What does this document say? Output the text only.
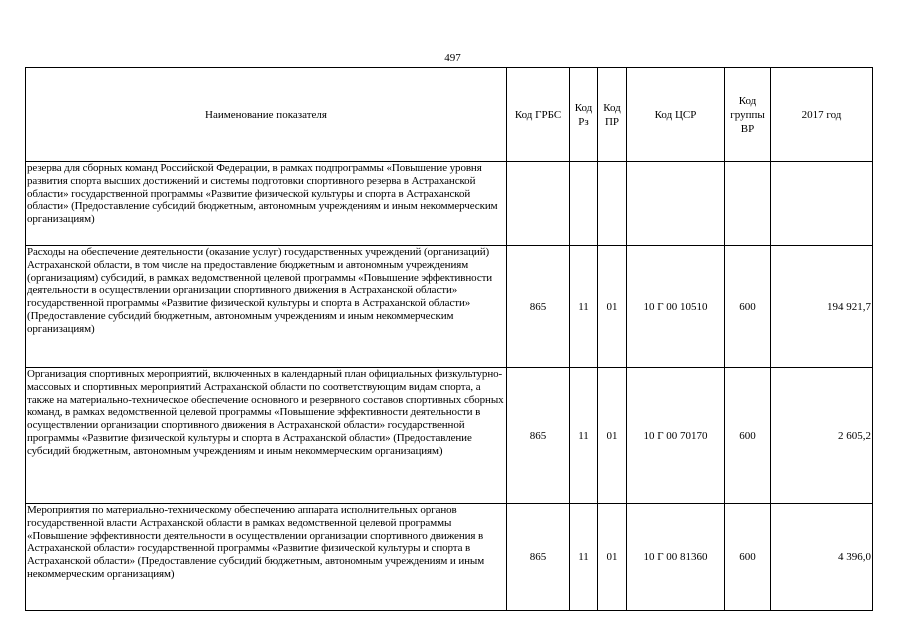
497
Наименование показателя	Код ГРБС	Код Рз	Код ПР	Код ЦСР	Код группы ВР	2017 год
резерва для сборных команд Российской Федерации, в рамках подпрограммы «Повышение уровня развития спорта высших достижений и системы подготовки спортивного резерва в Астраханской области» государственной программы «Развитие физической культуры и спорта в Астраханской области» (Предоставление субсидий бюджетным, автономным учреждениям и иным некоммерческим организациям)						
Расходы на обеспечение деятельности (оказание услуг) государственных учреждений (организаций) Астраханской области, в том числе на предоставление бюджетным и автономным учреждениям (организациям) субсидий, в рамках ведомственной целевой программы «Повышение эффективности деятельности в осуществлении организации спортивного движения в Астраханской области» государственной программы «Развитие физической культуры и спорта в Астраханской области» (Предоставление субсидий бюджетным, автономным учреждениям и иным некоммерческим организациям)	865	11	01	10 Г 00 10510	600	194 921,7
Организация спортивных мероприятий, включенных в календарный план официальных физкультурно-массовых и спортивных мероприятий Астраханской области по соответствующим видам спорта, а также на материально-техническое обеспечение основного и резервного составов спортивных сборных команд, в рамках ведомственной целевой программы «Повышение эффективности деятельности в осуществлении организации спортивного движения в Астраханской области» государственной программы «Развитие физической культуры и спорта в Астраханской области» (Предоставление субсидий бюджетным, автономным учреждениям и иным некоммерческим организациям)	865	11	01	10 Г 00 70170	600	2 605,2
Мероприятия по материально-техническому обеспечению аппарата исполнительных органов государственной власти Астраханской области в рамках ведомственной целевой программы «Повышение эффективности деятельности в осуществлении организации спортивного движения в Астраханской области» государственной программы «Развитие физической культуры и спорта в Астраханской области» (Предоставление субсидий бюджетным, автономным учреждениям и иным некоммерческим организациям)	865	11	01	10 Г 00 81360	600	4 396,0
